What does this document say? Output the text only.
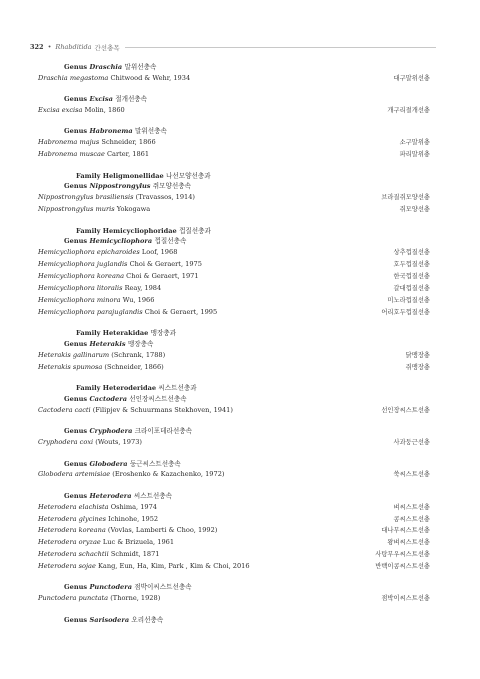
322 • Rhabditida 간선충목
Genus Draschia 말위선충속
Draschia megastoma Chitwood & Wehr, 1934	대구말위선충
Genus Excisa 절개선충속
Excisa excisa Molin, 1860	개구리절개선충
Genus Habronema 말위선충속
Habronema majus Schneider, 1866	소구말위충
Habronema muscae Carter, 1861	파리말위충
Family Heligmonellidae 나선모양선충과
Genus Nippostrongylus 쥐모양선충속
Nippostrongylus brasiliensis (Travassos, 1914)	브라질쥐모양선충
Nippostrongylus muris Yokogawa	쥐모양선충
Family Hemicycliophoridae 껍질선충과
Genus Hemicycliophora 껍질선충속
Hemicycliophora epicharoides Loof, 1968	상추껍질선충
Hemicycliophora juglandis Choi & Geraert, 1975	호두껍질선충
Hemicycliophora koreana Choi & Geraert, 1971	한국껍질선충
Hemicycliophora litoralis Reay, 1984	갈대껍질선충
Hemicycliophora minora Wu, 1966	미노라껍질선충
Hemicycliophora parajuglandis Choi & Geraert, 1995	어리호두껍질선충
Family Heterakidae 맹장충과
Genus Heterakis 맹장충속
Heterakis gallinarum (Schrank, 1788)	닭맹장충
Heterakis spumosa (Schneider, 1866)	쥐맹장충
Family Heteroderidae 씨스트선충과
Genus Cactodera 선인장씨스트선충속
Cactodera cacti (Filipjev & Schuurmans Stekhoven, 1941)	선인장씨스트선충
Genus Cryphodera 크라이포데라선충속
Cryphodera coxi (Wouts, 1973)	사과둥근선충
Genus Globodera 둥근씨스트선충속
Globodera artemisiae (Eroshenko & Kazachenko, 1972)	쑥씨스트선충
Genus Heterodera 씨스트선충속
Heterodera elachista Oshima, 1974	벼씨스트선충
Heterodera glycines Ichinohe, 1952	콩씨스트선충
Heterodera koreana (Vovlas, Lamberti & Choo, 1992)	대나무씨스트선충
Heterodera oryzae Luc & Brizuela, 1961	왕벼씨스트선충
Heterodera schachtii Schmidt, 1871	사탕무우씨스트선충
Heterodera sojae Kang, Eun, Ha, Kim, Park , Kim & Choi, 2016	반백이콩씨스트선충
Genus Punctodera 점박이씨스트선충속
Punctodera punctata (Thorne, 1928)	점박이씨스트선충
Genus Sarisodera 오리선충속
